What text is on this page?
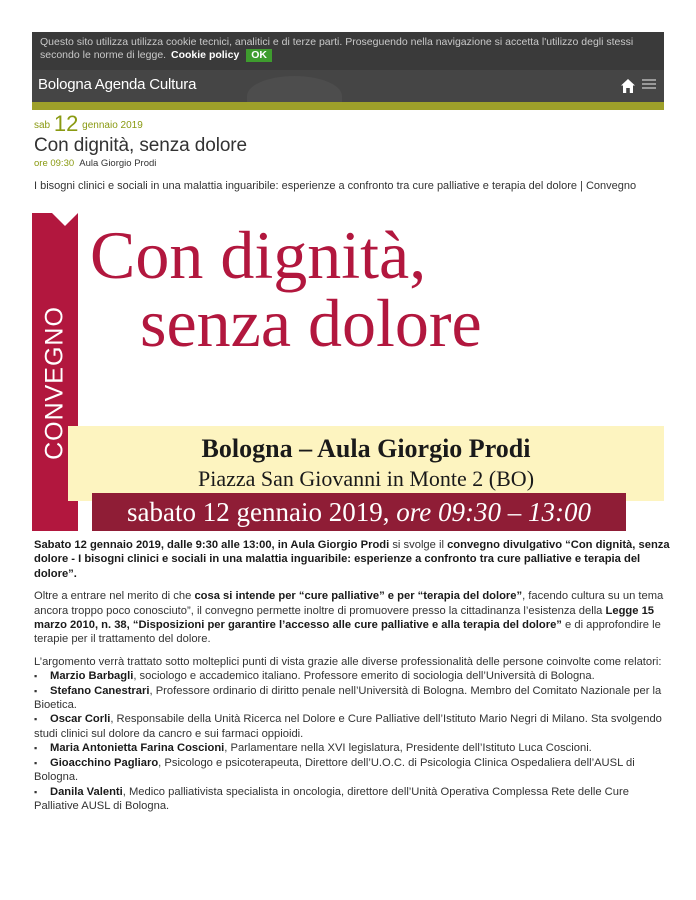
Questo sito utilizza utilizza cookie tecnici, analitici e di terze parti. Proseguendo nella navigazione si accetta l'utilizzo degli stessi secondo le norme di legge. Cookie policy OK
Bologna Agenda Cultura
sab 12 gennaio 2019
Con dignità, senza dolore
ore 09:30 Aula Giorgio Prodi
I bisogni clinici e sociali in una malattia inguaribile: esperienze a confronto tra cure palliative e terapia del dolore | Convegno
CONVEGNO
Con dignità,
senza dolore
Bologna – Aula Giorgio Prodi
Piazza San Giovanni in Monte 2 (BO)
sabato 12 gennaio 2019, ore 09:30 – 13:00

Sabato 12 gennaio 2019, dalle 9:30 alle 13:00, in Aula Giorgio Prodi si svolge il convegno divulgativo “Con dignità, senza dolore - I bisogni clinici e sociali in una malattia inguaribile: esperienze a confronto tra cure palliative e terapia del dolore”.

Oltre a entrare nel merito di che cosa si intende per “cure palliative” e per “terapia del dolore”, facendo cultura su un tema ancora troppo poco conosciuto”, il convegno permette inoltre di promuovere presso la cittadinanza l’esistenza della Legge 15 marzo 2010, n. 38, “Disposizioni per garantire l’accesso alle cure palliative e alla terapia del dolore” e di approfondire le terapie per il trattamento del dolore.

L’argomento verrà trattato sotto molteplici punti di vista grazie alle diverse professionalità delle persone coinvolte come relatori:

▪ Marzio Barbagli, sociologo e accademico italiano. Professore emerito di sociologia dell’Università di Bologna.
▪ Stefano Canestrari, Professore ordinario di diritto penale nell’Università di Bologna. Membro del Comitato Nazionale per la Bioetica.
▪ Oscar Corli, Responsabile della Unità Ricerca nel Dolore e Cure Palliative dell’Istituto Mario Negri di Milano. Sta svolgendo studi clinici sul dolore da cancro e sui farmaci oppioidi.
▪ Maria Antonietta Farina Coscioni, Parlamentare nella XVI legislatura, Presidente dell’Istituto Luca Coscioni.
▪ Gioacchino Pagliaro, Psicologo e psicoterapeuta, Direttore dell’U.O.C. di Psicologia Clinica Ospedaliera dell’AUSL di Bologna.
▪ Danila Valenti, Medico palliativista specialista in oncologia, direttore dell’Unità Operativa Complessa Rete delle Cure Palliative AUSL di Bologna.
